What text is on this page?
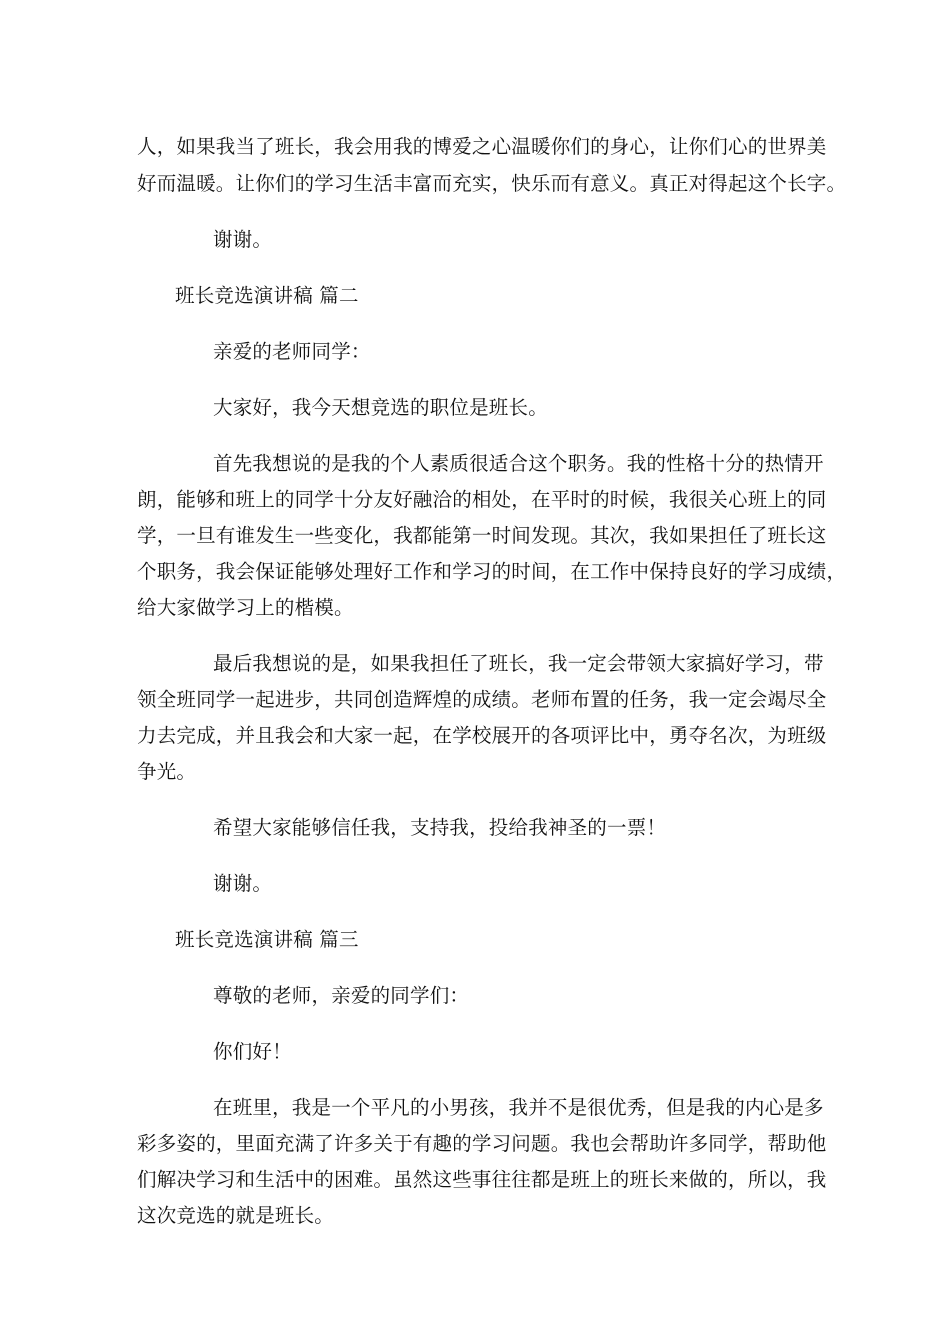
人，如果我当了班长，我会用我的博爱之心温暖你们的身心，让你们心的世界美
好而温暖。让你们的学习生活丰富而充实，快乐而有意义。真正对得起这个长字。
谢谢。
班长竞选演讲稿 篇二
亲爱的老师同学：
大家好，我今天想竞选的职位是班长。
首先我想说的是我的个人素质很适合这个职务。我的性格十分的热情开
朗，能够和班上的同学十分友好融洽的相处，在平时的时候，我很关心班上的同
学，一旦有谁发生一些变化，我都能第一时间发现。其次，我如果担任了班长这
个职务，我会保证能够处理好工作和学习的时间，在工作中保持良好的学习成绩，
给大家做学习上的楷模。
最后我想说的是，如果我担任了班长，我一定会带领大家搞好学习，带
领全班同学一起进步，共同创造辉煌的成绩。老师布置的任务，我一定会竭尽全
力去完成，并且我会和大家一起，在学校展开的各项评比中，勇夺名次，为班级
争光。
希望大家能够信任我，支持我，投给我神圣的一票！
谢谢。
班长竞选演讲稿 篇三
尊敬的老师，亲爱的同学们：
你们好！
在班里，我是一个平凡的小男孩，我并不是很优秀，但是我的内心是多
彩多姿的，里面充满了许多关于有趣的学习问题。我也会帮助许多同学，帮助他
们解决学习和生活中的困难。虽然这些事往往都是班上的班长来做的，所以，我
这次竞选的就是班长。
